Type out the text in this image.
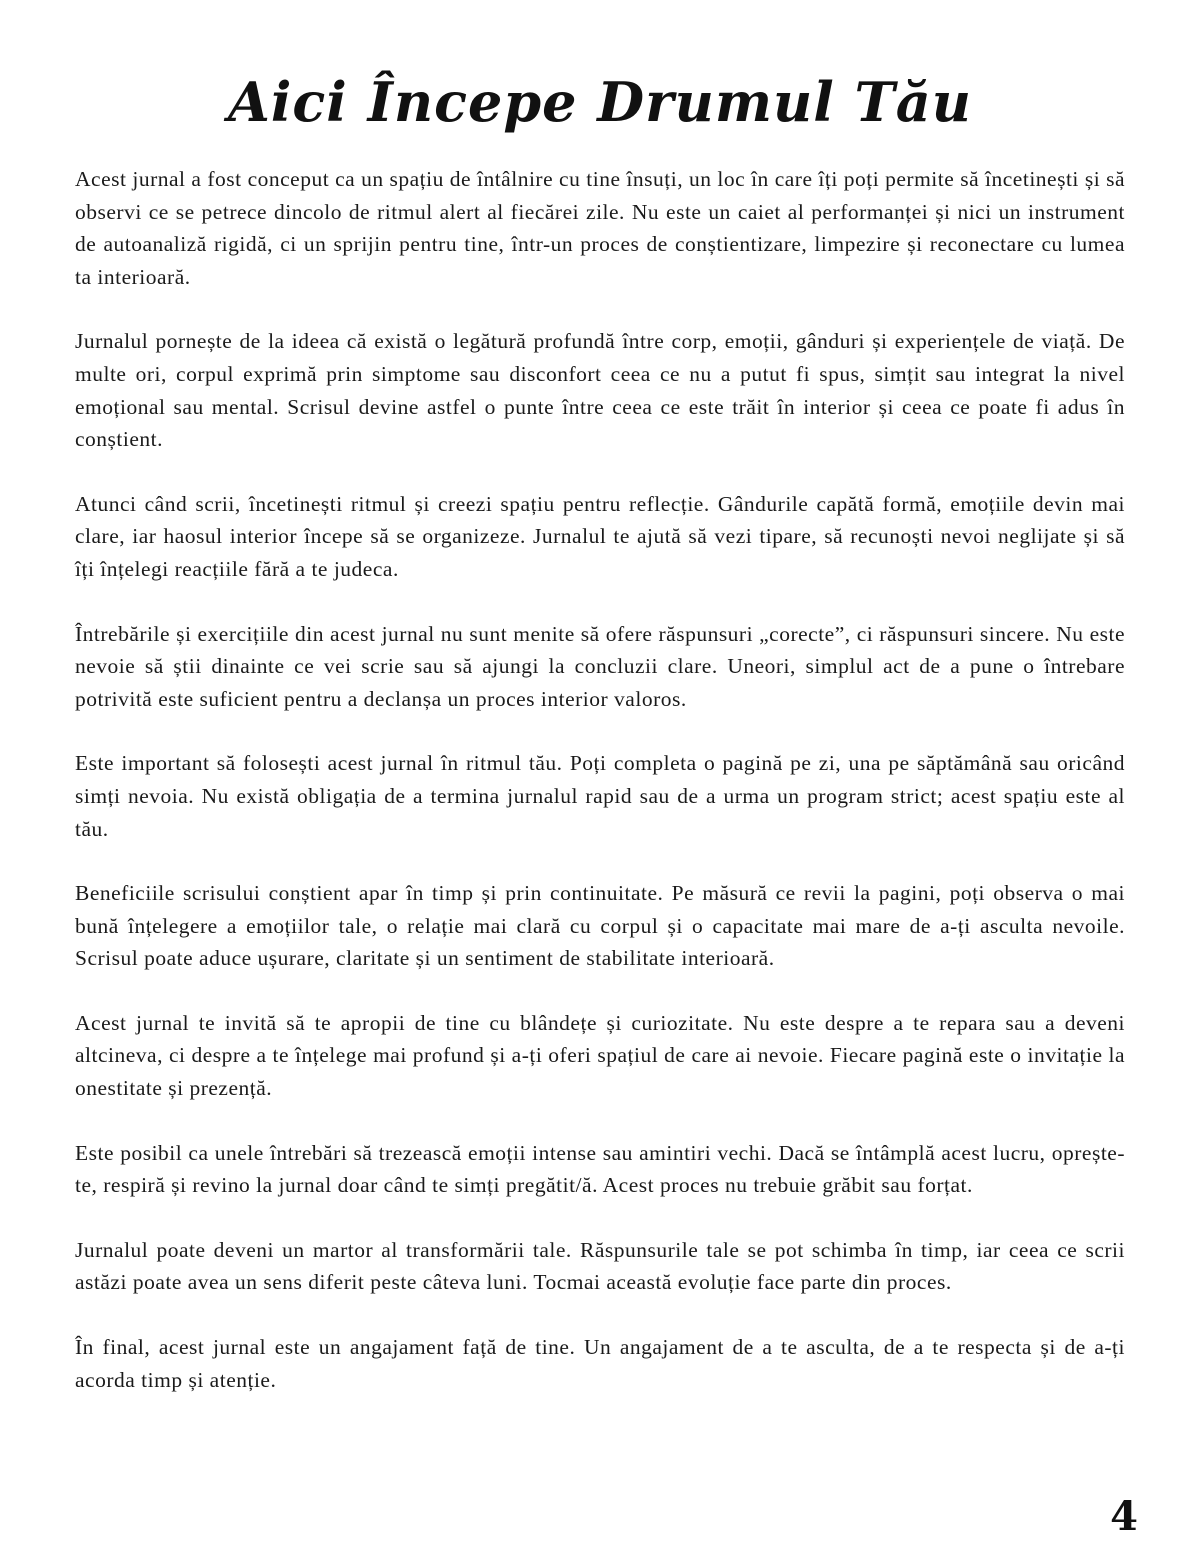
Aici Începe Drumul Tău

Acest jurnal a fost conceput ca un spațiu de întâlnire cu tine însuți, un loc în care îți poți permite să încetinești și să observi ce se petrece dincolo de ritmul alert al fiecărei zile. Nu este un caiet al performanței și nici un instrument de autoanaliză rigidă, ci un sprijin pentru tine, într-un proces de conștientizare, limpezire și reconectare cu lumea ta interioară.

Jurnalul pornește de la ideea că există o legătură profundă între corp, emoții, gânduri și experiențele de viață. De multe ori, corpul exprimă prin simptome sau disconfort ceea ce nu a putut fi spus, simțit sau integrat la nivel emoțional sau mental. Scrisul devine astfel o punte între ceea ce este trăit în interior și ceea ce poate fi adus în conștient.

Atunci când scrii, încetinești ritmul și creezi spațiu pentru reflecție. Gândurile capătă formă, emoțiile devin mai clare, iar haosul interior începe să se organizeze. Jurnalul te ajută să vezi tipare, să recunoști nevoi neglijate și să îți înțelegi reacțiile fără a te judeca.

Întrebările și exercițiile din acest jurnal nu sunt menite să ofere răspunsuri „corecte”, ci răspunsuri sincere. Nu este nevoie să știi dinainte ce vei scrie sau să ajungi la concluzii clare. Uneori, simplul act de a pune o întrebare potrivită este suficient pentru a declanșa un proces interior valoros.

Este important să folosești acest jurnal în ritmul tău. Poți completa o pagină pe zi, una pe săptămână sau oricând simți nevoia. Nu există obligația de a termina jurnalul rapid sau de a urma un program strict; acest spațiu este al tău.

Beneficiile scrisului conștient apar în timp și prin continuitate. Pe măsură ce revii la pagini, poți observa o mai bună înțelegere a emoțiilor tale, o relație mai clară cu corpul și o capacitate mai mare de a-ți asculta nevoile. Scrisul poate aduce ușurare, claritate și un sentiment de stabilitate interioară.

Acest jurnal te invită să te apropii de tine cu blândețe și curiozitate. Nu este despre a te repara sau a deveni altcineva, ci despre a te înțelege mai profund și a-ți oferi spațiul de care ai nevoie. Fiecare pagină este o invitație la onestitate și prezență.

Este posibil ca unele întrebări să trezească emoții intense sau amintiri vechi. Dacă se întâmplă acest lucru, oprește-te, respiră și revino la jurnal doar când te simți pregătit/ă. Acest proces nu trebuie grăbit sau forțat.

Jurnalul poate deveni un martor al transformării tale. Răspunsurile tale se pot schimba în timp, iar ceea ce scrii astăzi poate avea un sens diferit peste câteva luni. Tocmai această evoluție face parte din proces.

În final, acest jurnal este un angajament față de tine. Un angajament de a te asculta, de a te respecta și de a-ți acorda timp și atenție.

4
